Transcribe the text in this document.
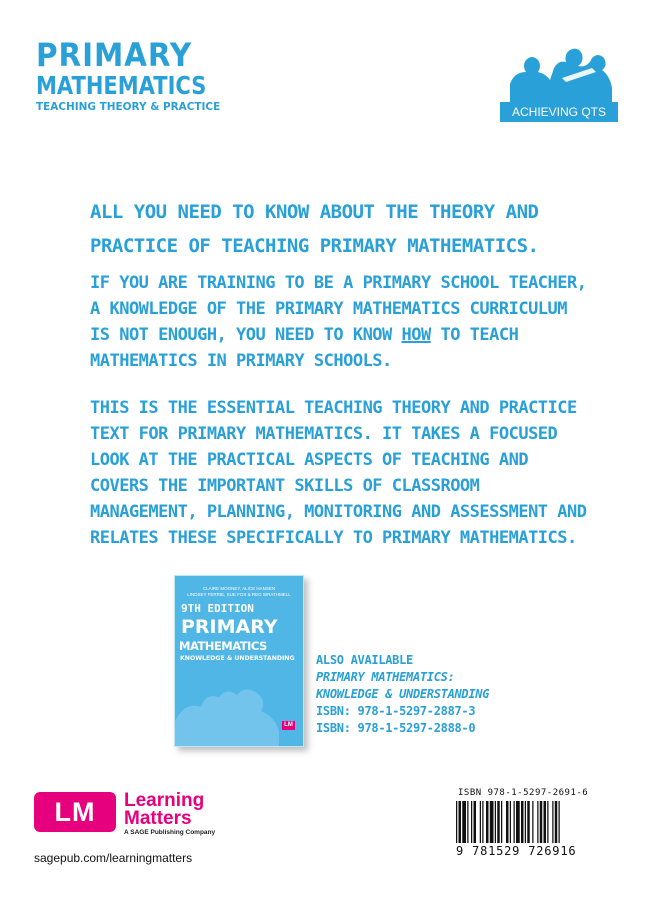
PRIMARY
MATHEMATICS
TEACHING THEORY & PRACTICE	ACHIEVING QTS
ALL YOU NEED TO KNOW ABOUT THE THEORY AND PRACTICE OF TEACHING PRIMARY MATHEMATICS.
IF YOU ARE TRAINING TO BE A PRIMARY SCHOOL TEACHER, A KNOWLEDGE OF THE PRIMARY MATHEMATICS CURRICULUM IS NOT ENOUGH, YOU NEED TO KNOW HOW TO TEACH MATHEMATICS IN PRIMARY SCHOOLS.
THIS IS THE ESSENTIAL TEACHING THEORY AND PRACTICE TEXT FOR PRIMARY MATHEMATICS. IT TAKES A FOCUSED LOOK AT THE PRACTICAL ASPECTS OF TEACHING AND COVERS THE IMPORTANT SKILLS OF CLASSROOM MANAGEMENT, PLANNING, MONITORING AND ASSESSMENT AND RELATES THESE SPECIFICALLY TO PRIMARY MATHEMATICS.
CLAIRE MOONEY, ALICE HANSEN
LINDSEY FERRIE, SUE FOX & REG WRATHMELL
9TH EDITION
PRIMARY
MATHEMATICS
KNOWLEDGE & UNDERSTANDING
LM
ALSO AVAILABLE
PRIMARY MATHEMATICS:
KNOWLEDGE & UNDERSTANDING
ISBN: 978-1-5297-2887-3
ISBN: 978-1-5297-2888-0
LM	Learning
Matters
A SAGE Publishing Company
sagepub.com/learningmatters
ISBN 978-1-5297-2691-6
9 781529 726916
